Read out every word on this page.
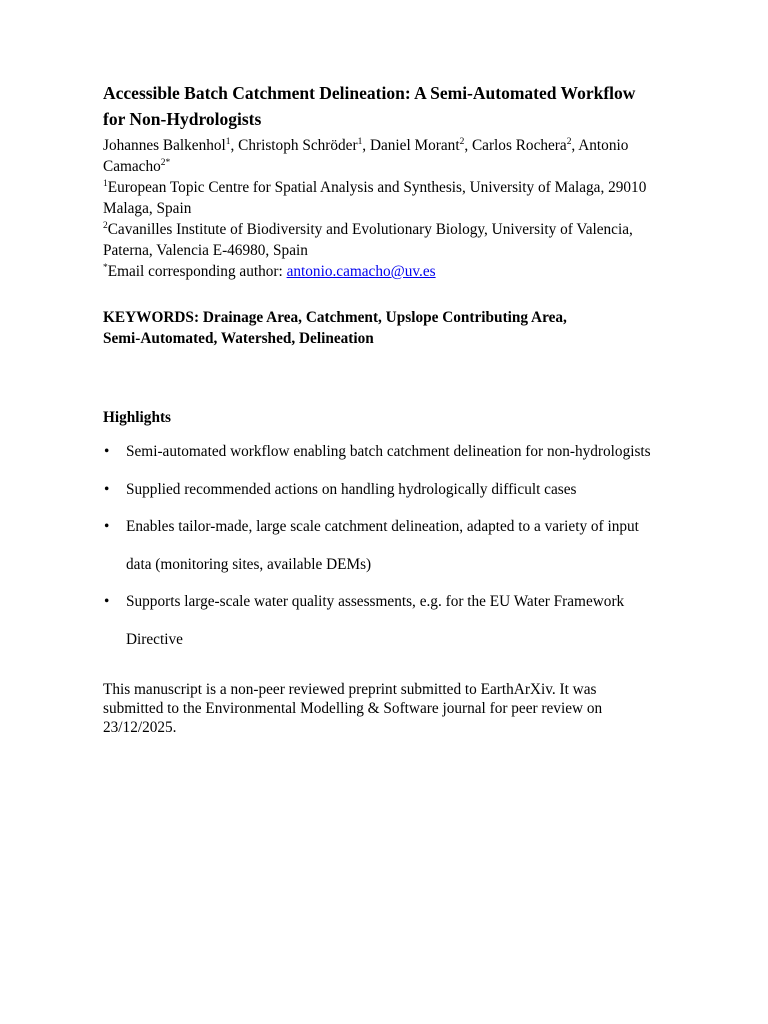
Accessible Batch Catchment Delineation: A Semi-Automated Workflow for Non-Hydrologists

Johannes Balkenhol$^1$, Christoph Schröder$^1$, Daniel Morant$^2$, Carlos Rochera$^2$, Antonio Camacho$^{2*}$

$^1$European Topic Centre for Spatial Analysis and Synthesis, University of Malaga, 29010 Malaga, Spain

$^2$Cavanilles Institute of Biodiversity and Evolutionary Biology, University of Valencia, Paterna, Valencia E-46980, Spain

*Email corresponding author: antonio.camacho@uv.es

KEYWORDS: Drainage Area, Catchment, Upslope Contributing Area, Semi-Automated, Watershed, Delineation

Highlights

• Semi-automated workflow enabling batch catchment delineation for non-hydrologists
• Supplied recommended actions on handling hydrologically difficult cases
• Enables tailor-made, large scale catchment delineation, adapted to a variety of input data (monitoring sites, available DEMs)
• Supports large-scale water quality assessments, e.g. for the EU Water Framework Directive

This manuscript is a non-peer reviewed preprint submitted to EarthArXiv. It was submitted to the Environmental Modelling & Software journal for peer review on 23/12/2025.
